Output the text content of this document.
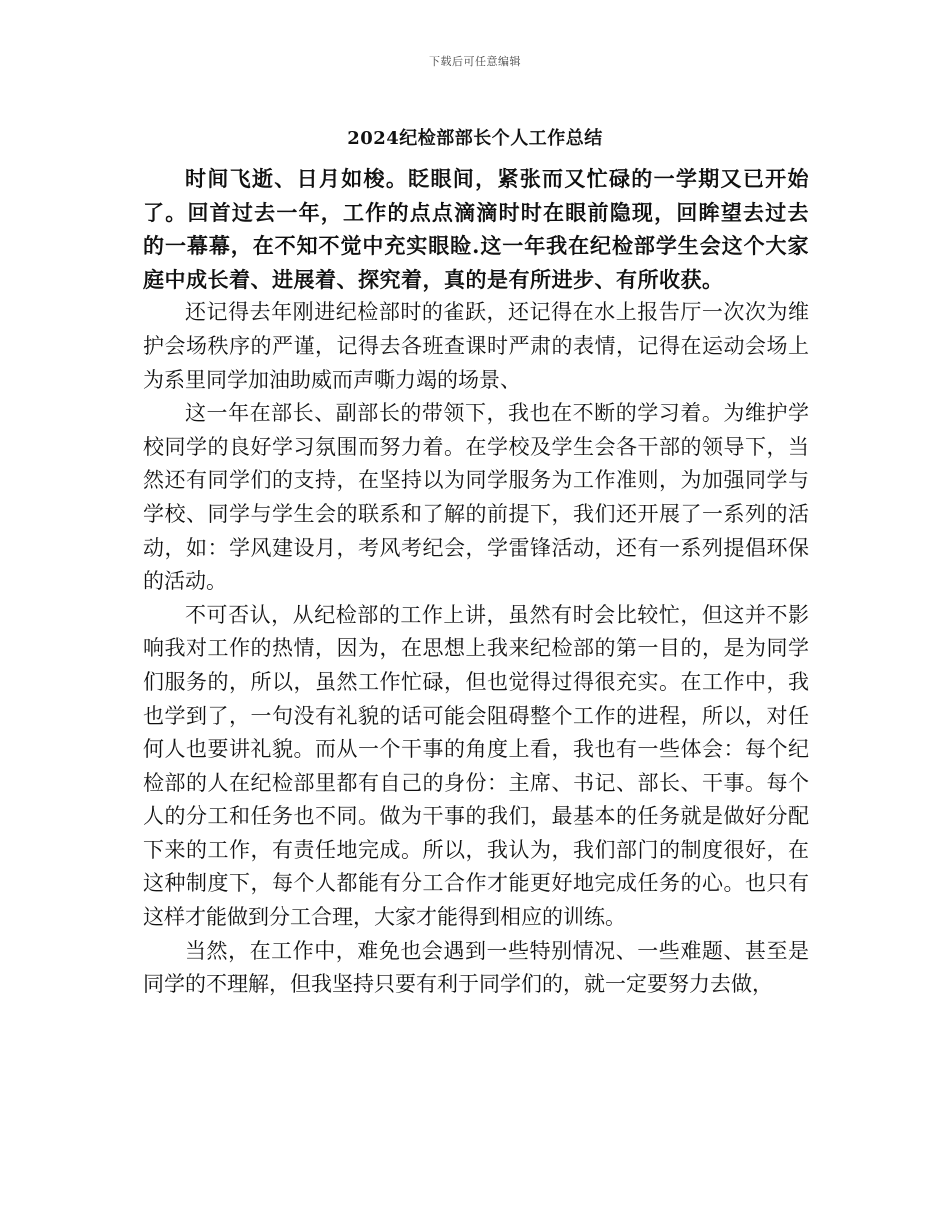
下载后可任意编辑
2024纪检部部长个人工作总结

时间飞逝、日月如梭。眨眼间，紧张而又忙碌的一学期又已开始了。回首过去一年，工作的点点滴滴时时在眼前隐现，回眸望去过去的一幕幕，在不知不觉中充实眼睑.这一年我在纪检部学生会这个大家庭中成长着、进展着、探究着，真的是有所进步、有所收获。

还记得去年刚进纪检部时的雀跃，还记得在水上报告厅一次次为维护会场秩序的严谨，记得去各班查课时严肃的表情，记得在运动会场上为系里同学加油助威而声嘶力竭的场景、

这一年在部长、副部长的带领下，我也在不断的学习着。为维护学校同学的良好学习氛围而努力着。在学校及学生会各干部的领导下，当然还有同学们的支持，在坚持以为同学服务为工作准则，为加强同学与学校、同学与学生会的联系和了解的前提下，我们还开展了一系列的活动，如：学风建设月，考风考纪会，学雷锋活动，还有一系列提倡环保的活动。

不可否认，从纪检部的工作上讲，虽然有时会比较忙，但这并不影响我对工作的热情，因为，在思想上我来纪检部的第一目的，是为同学们服务的，所以，虽然工作忙碌，但也觉得过得很充实。在工作中，我也学到了，一句没有礼貌的话可能会阻碍整个工作的进程，所以，对任何人也要讲礼貌。而从一个干事的角度上看，我也有一些体会：每个纪检部的人在纪检部里都有自己的身份：主席、书记、部长、干事。每个人的分工和任务也不同。做为干事的我们，最基本的任务就是做好分配下来的工作，有责任地完成。所以，我认为，我们部门的制度很好，在这种制度下，每个人都能有分工合作才能更好地完成任务的心。也只有这样才能做到分工合理，大家才能得到相应的训练。

当然，在工作中，难免也会遇到一些特别情况、一些难题、甚至是同学的不理解，但我坚持只要有利于同学们的，就一定要努力去做，
